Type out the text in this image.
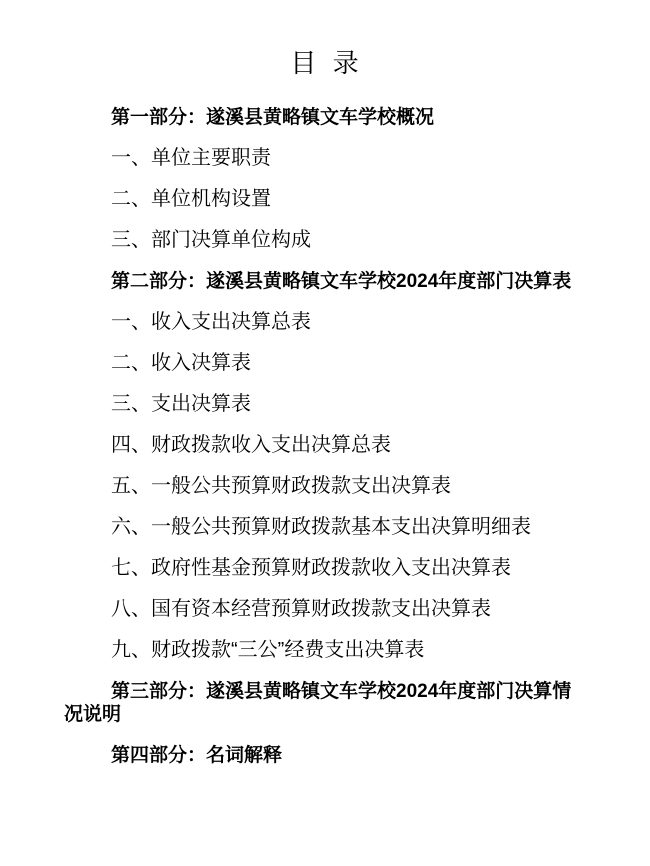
目 录

第一部分：遂溪县黄略镇文车学校概况

一、单位主要职责

二、单位机构设置

三、部门决算单位构成

第二部分：遂溪县黄略镇文车学校2024年度部门决算表

一、收入支出决算总表

二、收入决算表

三、支出决算表

四、财政拨款收入支出决算总表

五、一般公共预算财政拨款支出决算表

六、一般公共预算财政拨款基本支出决算明细表

七、政府性基金预算财政拨款收入支出决算表

八、国有资本经营预算财政拨款支出决算表

九、财政拨款“三公”经费支出决算表

第三部分：遂溪县黄略镇文车学校2024年度部门决算情况说明

第四部分：名词解释
